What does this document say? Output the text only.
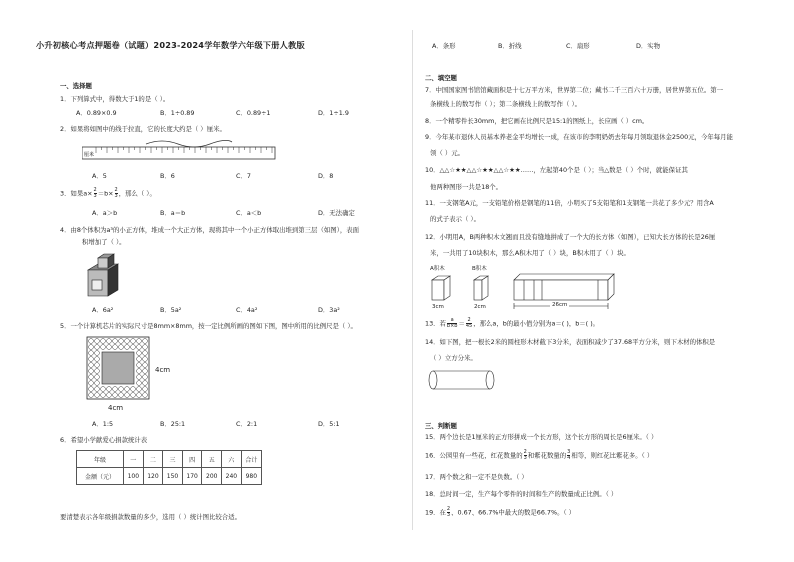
小升初核心考点押题卷（试题）2023-2024学年数学六年级下册人教版
一、选择题
1．下列算式中，得数大于1的是（ ）。
A．0.89×0.9	B．1÷0.89	C．0.89÷1	D．1÷1.9
2．如果将如图中的线于拉直，它的长度大约是（ ）厘米。
厘米
A．5	B．6	C．7	D．8
3．如果$a\times \frac{2}{3} =b\times \frac{2}{3}$ ，那么（ ）。
A．a＞b	B．a＝b	C．a＜b	D．无法确定
4．由8个体积为a³的小正方体，堆成一个大正方体，现将其中一个小正方体取出堆到第三层（如图），表面
积增加了（ ）。
A．6a²	B．5a²	C．4a²	D．3a²
5．一个计算机芯片的实际尺寸是8mm×8mm，按一定比例所画的图如下图，图中所用的比例尺是（ ）。
4cm
4cm
A．1:5	B．25:1	C．2:1	D．5:1
6．希望小学献爱心捐款统计表
年级	一	二	三	四	五	六	合计
金额（元）	100	120	150	170	200	240	980
要清楚表示各年级捐款数量的多少，选用（ ）统计图比较合适。
A．条形	B．折线	C．扇形	D．实物
二、填空题
7．中国国家图书馆馆藏面积是十七万平方米，世界第二位；藏书二千三百六十万册，居世界第五位。第一
条横线上的数写作（ ）；第二条横线上的数写作（ ）。
8．一个精零件长30mm，把它画在比例尺是15:1的图纸上，长应画（ ）cm。
9．今年某市退休人员基本养老金平均增长一成，在该市的李明奶奶去年每月领取退休金2500元，今年每月能
领（ ）元。
10．△△☆★★△△☆★★△△☆★★……，左起第40个是（ ）；当△数是（ ）个时，就能保证其
他两种图形一共是18个。
11．一支钢笔A元，一支铅笔价格是钢笔的11倍，小明买了5支铅笔和1支钢笔一共花了多少元？用含A
的式子表示（ ）。
12．小明用A，B两种积木文翘而且没有缝地拼成了一个大的长方体（如图），已知大长方体的长是26厘
米，一共用了10块积木，那么A积木用了（ ）块，B积木用了（ ）块。
A积木	B积木
3cm	2cm	26cm
13．若 $\frac{a}{b\times b} = \frac{2}{45}$ ，那么a，b的最小值分别为a＝( )，b＝( )。
14．如下图，把一根长2米的圆柱形木材截下3分米，表面积减少了37.68平方分米，则下木材的体积是
（ ）立方分米。
三、判断题
15．两个边长是1厘米的正方形拼成一个长方形，这个长方形的周长是6厘米。（ ）
16．公园里有一些花，红花数量的 $\frac{2}{3}$ 和紫花数量的 $\frac{3}{4}$ 相等，则红花比紫花多。（ ）
17．两个数之和一定不是负数。（ ）
18．总时间一定，生产每个零件的时间和生产的数量成正比例。（ ）
19．在 $\frac{2}{3}$ 、0.67、66.7%中最大的数是66.7%。（ ）
